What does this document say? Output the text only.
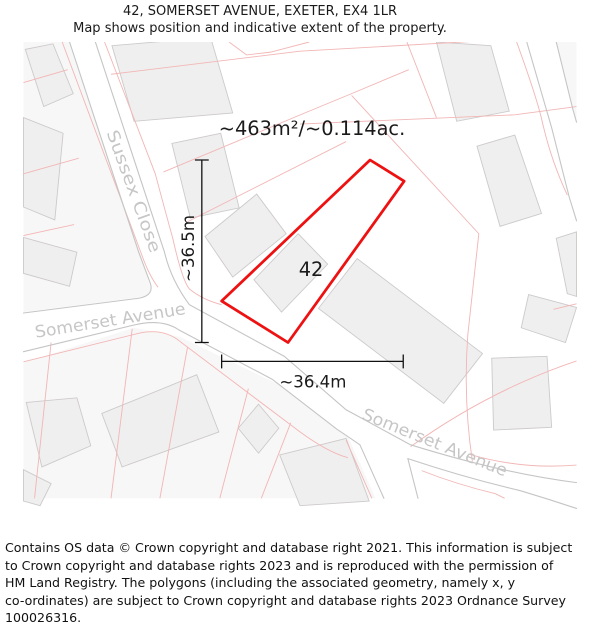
42, SOMERSET AVENUE, EXETER, EX4 1LR
Map shows position and indicative extent of the property.
~36.5m
~36.4m
Sussex Close
Somerset Avenue
Somerset Avenue
~463m²/~0.114ac.
42
Contains OS data © Crown copyright and database right 2021. This information is subject
to Crown copyright and database rights 2023 and is reproduced with the permission of
HM Land Registry. The polygons (including the associated geometry, namely x, y
co-ordinates) are subject to Crown copyright and database rights 2023 Ordnance Survey
100026316.
